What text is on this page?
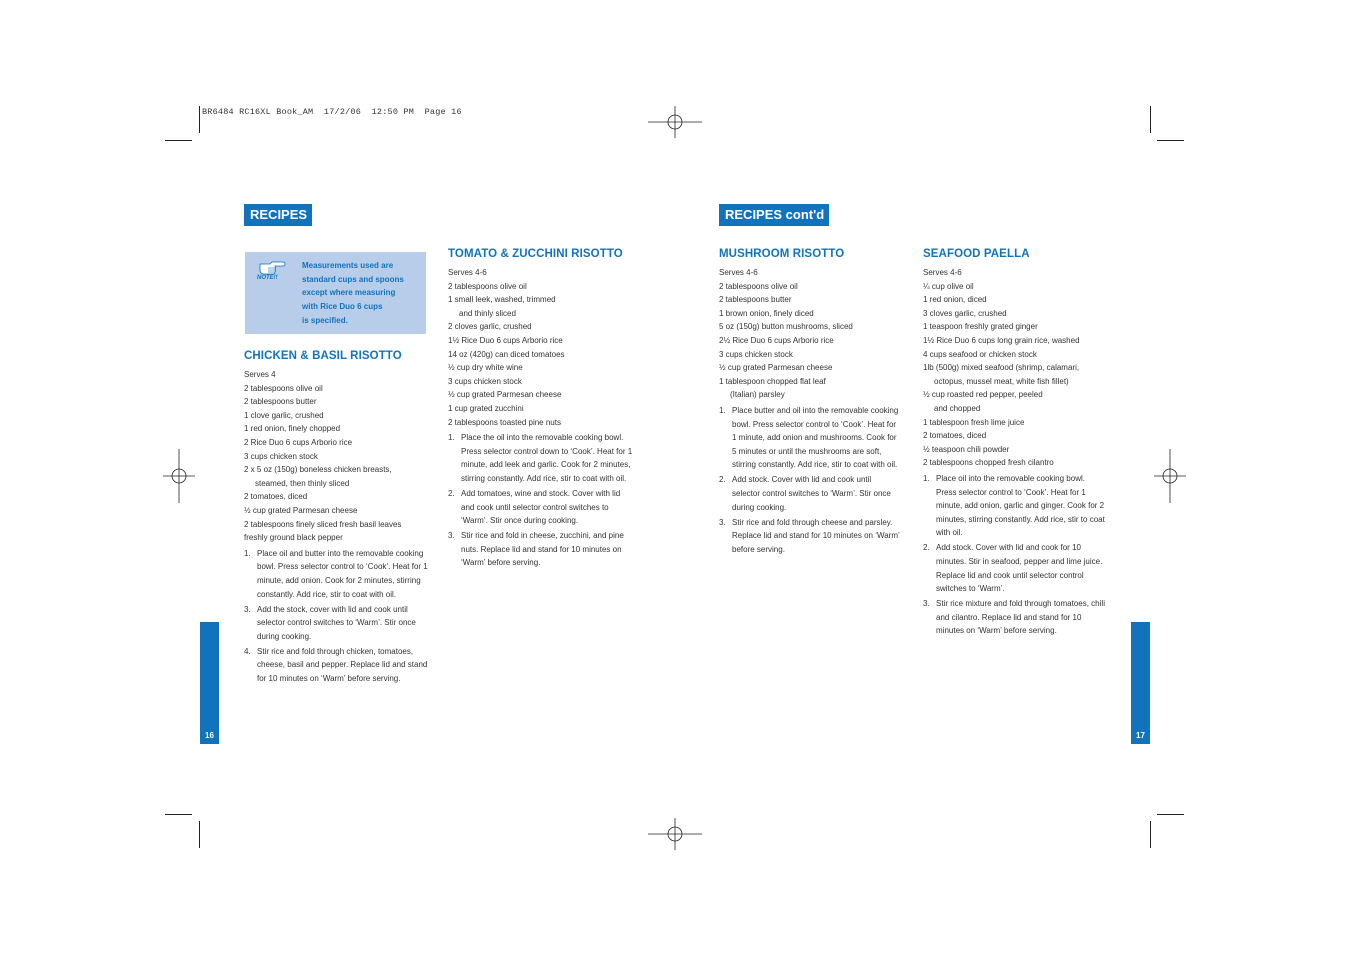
BR6484 RC16XL Book_AM  17/2/06  12:50 PM  Page 16
RECIPES	RECIPES cont'd
NOTE!!
Measurements used are
standard cups and spoons
except where measuring
with Rice Duo 6 cups
is specified.
CHICKEN & BASIL RISOTTO
Serves 4
2 tablespoons olive oil
2 tablespoons butter
1 clove garlic, crushed
1 red onion, finely chopped
2 Rice Duo 6 cups Arborio rice
3 cups chicken stock
2 x 5 oz (150g) boneless chicken breasts,
steamed, then thinly sliced
2 tomatoes, diced
½ cup grated Parmesan cheese
2 tablespoons finely sliced fresh basil leaves
freshly ground black pepper
1. Place oil and butter into the removable cooking bowl. Press selector control to ‘Cook’. Heat for 1 minute, add onion. Cook for 2 minutes, stirring constantly. Add rice, stir to coat with oil.
3. Add the stock, cover with lid and cook until selector control switches to ‘Warm’. Stir once during cooking.
4. Stir rice and fold through chicken, tomatoes, cheese, basil and pepper. Replace lid and stand for 10 minutes on ‘Warm’ before serving.
TOMATO & ZUCCHINI RISOTTO
Serves 4-6
2 tablespoons olive oil
1 small leek, washed, trimmed
and thinly sliced
2 cloves garlic, crushed
1½ Rice Duo 6 cups Arborio rice
14 oz (420g) can diced tomatoes
½ cup dry white wine
3 cups chicken stock
½ cup grated Parmesan cheese
1 cup grated zucchini
2 tablespoons toasted pine nuts
1. Place the oil into the removable cooking bowl. Press selector control down to ‘Cook’. Heat for 1 minute, add leek and garlic. Cook for 2 minutes, stirring constantly. Add rice, stir to coat with oil.
2. Add tomatoes, wine and stock. Cover with lid and cook until selector control switches to ‘Warm’. Stir once during cooking.
3. Stir rice and fold in cheese, zucchini, and pine nuts. Replace lid and stand for 10 minutes on ‘Warm’ before serving.
MUSHROOM RISOTTO
Serves 4-6
2 tablespoons olive oil
2 tablespoons butter
1 brown onion, finely diced
5 oz (150g) button mushrooms, sliced
2½ Rice Duo 6 cups Arborio rice
3 cups chicken stock
½ cup grated Parmesan cheese
1 tablespoon chopped flat leaf
(Italian) parsley
1. Place butter and oil into the removable cooking bowl. Press selector control to ‘Cook’. Heat for 1 minute, add onion and mushrooms. Cook for 5 minutes or until the mushrooms are soft, stirring constantly. Add rice, stir to coat with oil.
2. Add stock. Cover with lid and cook until selector control switches to ‘Warm’. Stir once during cooking.
3. Stir rice and fold through cheese and parsley. Replace lid and stand for 10 minutes on ‘Warm’ before serving.
SEAFOOD PAELLA
Serves 4-6
¼ cup olive oil
1 red onion, diced
3 cloves garlic, crushed
1 teaspoon freshly grated ginger
1½ Rice Duo 6 cups long grain rice, washed
4 cups seafood or chicken stock
1lb (500g) mixed seafood (shrimp, calamari,
octopus, mussel meat, white fish fillet)
½ cup roasted red pepper, peeled
and chopped
1 tablespoon fresh lime juice
2 tomatoes, diced
½ teaspoon chili powder
2 tablespoons chopped fresh cilantro
1. Place oil into the removable cooking bowl. Press selector control to ‘Cook’. Heat for 1 minute, add onion, garlic and ginger. Cook for 2 minutes, stirring constantly. Add rice, stir to coat with oil.
2. Add stock. Cover with lid and cook for 10 minutes. Stir in seafood, pepper and lime juice. Replace lid and cook until selector control switches to ‘Warm’.
3. Stir rice mixture and fold through tomatoes, chili and cilantro. Replace lid and stand for 10 minutes on ‘Warm’ before serving.
16	17
